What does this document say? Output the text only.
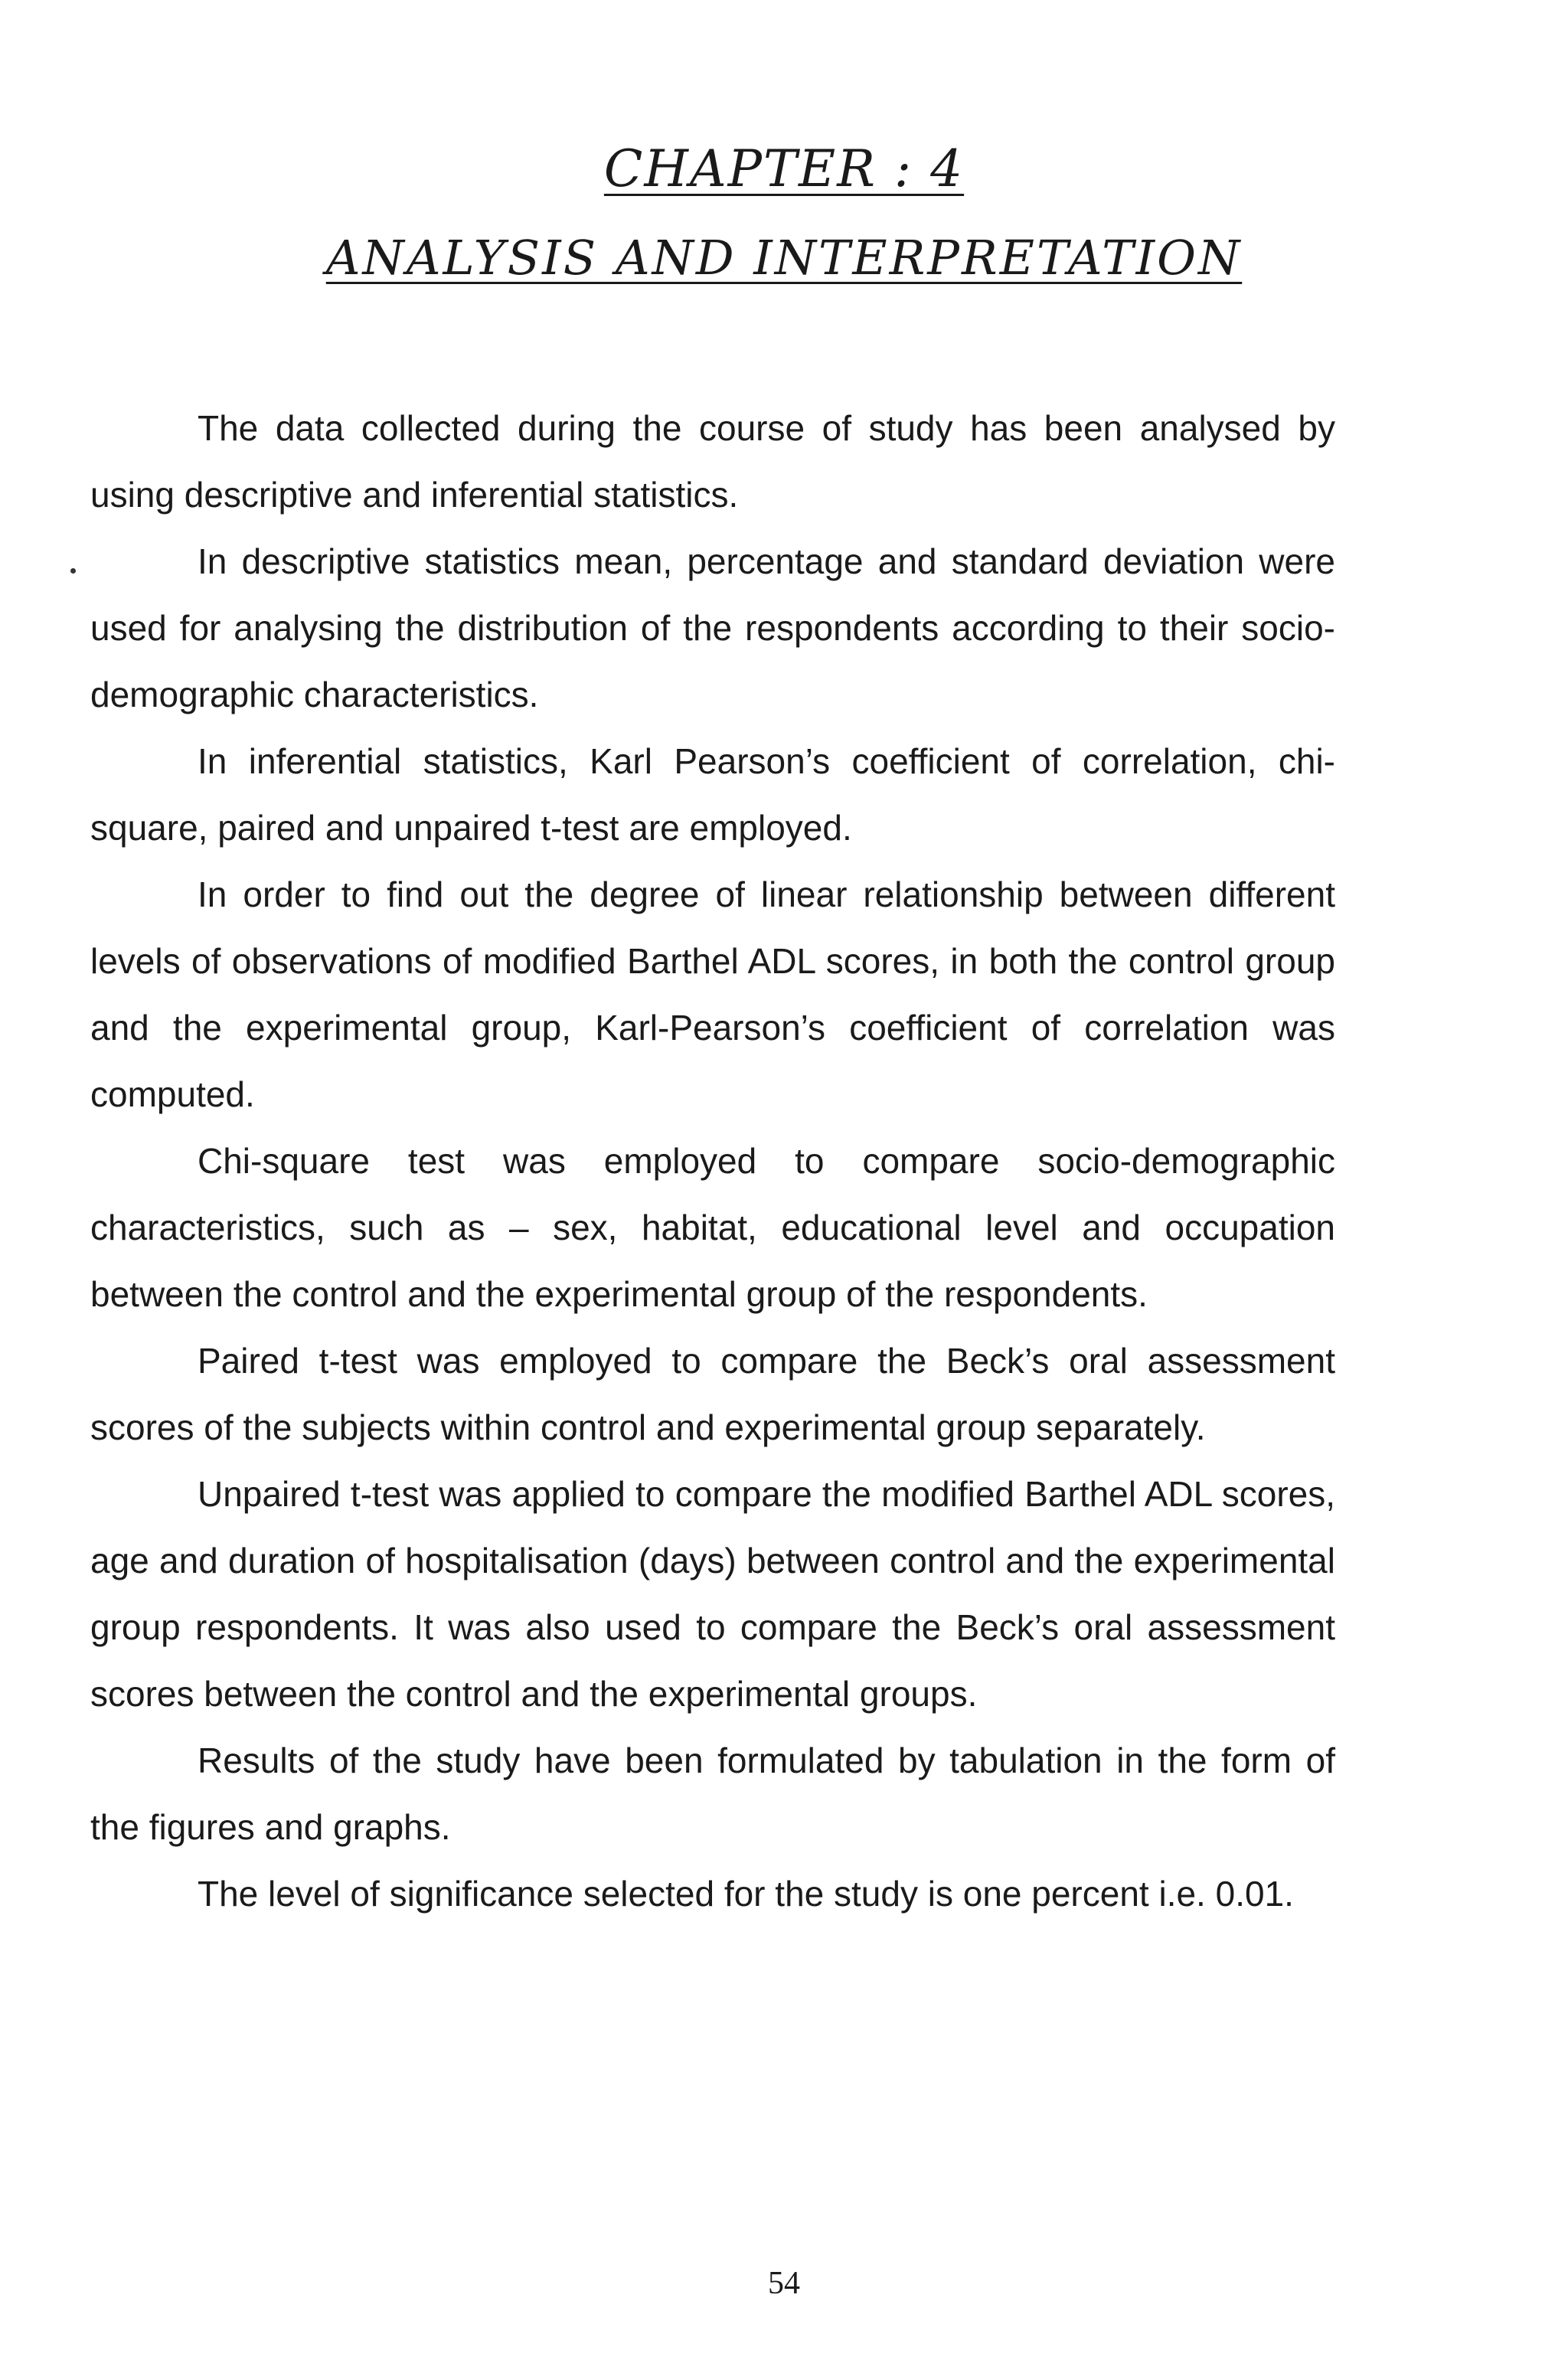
CHAPTER : 4
ANALYSIS AND INTERPRETATION

The data collected during the course of study has been analysed by using descriptive and inferential statistics.

In descriptive statistics mean, percentage and standard deviation were used for analysing the distribution of the respondents according to their socio-demographic characteristics.

In inferential statistics, Karl Pearson’s coefficient of correlation, chi-square, paired and unpaired t-test are employed.

In order to find out the degree of linear relationship between different levels of observations of modified Barthel ADL scores, in both the control group and the experimental group, Karl-Pearson’s coefficient of correlation was computed.

Chi-square test was employed to compare socio-demographic characteristics, such as – sex, habitat, educational level and occupation between the control and the experimental group of the respondents.

Paired t-test was employed to compare the Beck’s oral assessment scores of the subjects within control and experimental group separately.

Unpaired t-test was applied to compare the modified Barthel ADL scores, age and duration of hospitalisation (days) between control and the experimental group respondents. It was also used to compare the Beck’s oral assessment scores between the control and the experimental groups.

Results of the study have been formulated by tabulation in the form of the figures and graphs.

The level of significance selected for the study is one percent i.e. 0.01.

54
